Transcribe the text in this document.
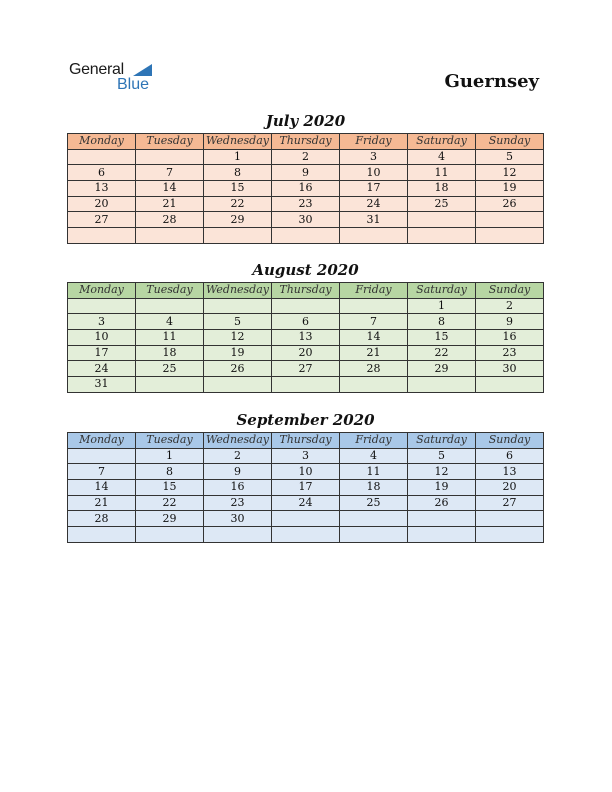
General
Blue	Guernsey
July 2020
Monday	Tuesday	Wednesday	Thursday	Friday	Saturday	Sunday
		1	2	3	4	5
6	7	8	9	10	11	12
13	14	15	16	17	18	19
20	21	22	23	24	25	26
27	28	29	30	31		

August 2020
Monday	Tuesday	Wednesday	Thursday	Friday	Saturday	Sunday
					1	2
3	4	5	6	7	8	9
10	11	12	13	14	15	16
17	18	19	20	21	22	23
24	25	26	27	28	29	30
31						
September 2020
Monday	Tuesday	Wednesday	Thursday	Friday	Saturday	Sunday
	1	2	3	4	5	6
7	8	9	10	11	12	13
14	15	16	17	18	19	20
21	22	23	24	25	26	27
28	29	30				
